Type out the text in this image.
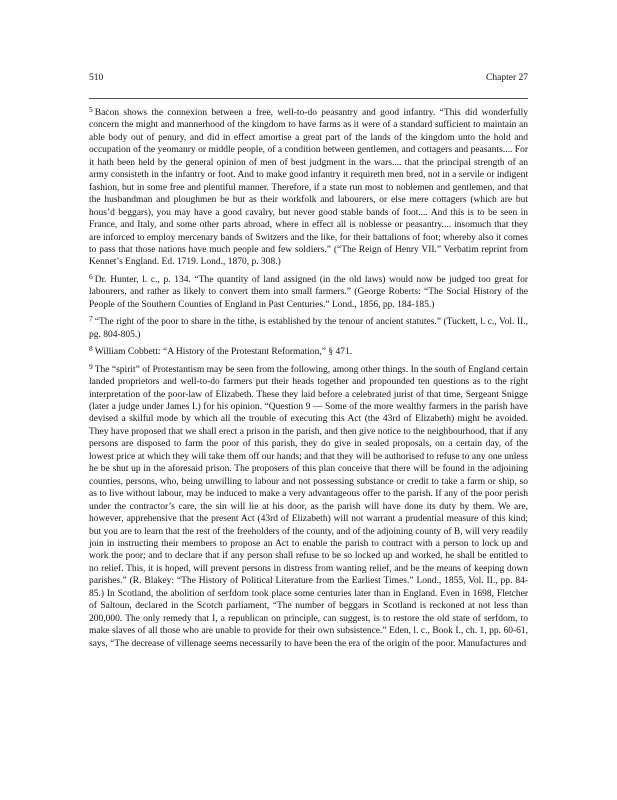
510	Chapter 27

$^5$ Bacon shows the connexion between a free, well-to-do peasantry and good infantry. “This did wonderfully concern the might and mannerhood of the kingdom to have farms as it were of a standard sufficient to maintain an able body out of penury, and did in effect amortise a great part of the lands of the kingdom unto the hold and occupation of the yeomanry or middle people, of a condition between gentlemen, and cottagers and peasants.... For it hath been held by the general opinion of men of best judgment in the wars.... that the principal strength of an army consisteth in the infantry or foot. And to make good infantry it requireth men bred, not in a servile or indigent fashion, but in some free and plentiful manner. Therefore, if a state run most to noblemen and gentlemen, and that the husbandman and ploughmen be but as their workfolk and labourers, or else mere cottagers (which are but hous’d beggars), you may have a good cavalry, but never good stable bands of foot.... And this is to be seen in France, and Italy, and some other parts abroad, where in effect all is noblesse or peasantry.... insomuch that they are inforced to employ mercenary bands of Switzers and the like, for their battalions of foot; whereby also it comes to pass that those nations have much people and few soldiers.” (“The Reign of Henry VII.” Verbatim reprint from Kennet’s England. Ed. 1719. Lond., 1870, p. 308.)

$^6$ Dr. Hunter, l. c., p. 134. “The quantity of land assigned (in the old laws) would now be judged too great for labourers, and rather as likely to convert them into small farmers.” (George Roberts: “The Social History of the People of the Southern Counties of England in Past Centuries.” Lond., 1856, pp. 184-185.)

$^7$ “The right of the poor to share in the tithe, is established by the tenour of ancient statutes.” (Tuckett, l. c., Vol. II., pg. 804-805.)

$^8$ William Cobbett: “A History of the Protestant Reformation,” § 471.

$^9$ The “spirit” of Protestantism may be seen from the following, among other things. In the south of England certain landed proprietors and well-to-do farmers put their heads together and propounded ten questions as to the right interpretation of the poor-law of Elizabeth. These they laid before a celebrated jurist of that time, Sergeant Snigge (later a judge under James I.) for his opinion. “Question 9 — Some of the more wealthy farmers in the parish have devised a skilful mode by which all the trouble of executing this Act (the 43rd of Elizabeth) might be avoided. They have proposed that we shall erect a prison in the parish, and then give notice to the neighbourhood, that if any persons are disposed to farm the poor of this parish, they do give in sealed proposals, on a certain day, of the lowest price at which they will take them off our hands; and that they will be authorised to refuse to any one unless he be shut up in the aforesaid prison. The proposers of this plan conceive that there will be found in the adjoining counties, persons, who, being unwilling to labour and not possessing substance or credit to take a farm or ship, so as to live without labour, may be induced to make a very advantageous offer to the parish. If any of the poor perish under the contractor’s care, the sin will lie at his door, as the parish will have done its duty by them. We are, however, apprehensive that the present Act (43rd of Elizabeth) will not warrant a prudential measure of this kind; but you are to learn that the rest of the freeholders of the county, and of the adjoining county of B, will very readily join in instructing their members to propose an Act to enable the parish to contract with a person to lock up and work the poor; and to declare that if any person shall refuse to be so locked up and worked, he shall be entitled to no relief. This, it is hoped, will prevent persons in distress from wanting relief, and be the means of keeping down parishes.” (R. Blakey: “The History of Political Literature from the Earliest Times.” Lond., 1855, Vol. II., pp. 84-85.) In Scotland, the abolition of serfdom took place some centuries later than in England. Even in 1698, Fletcher of Saltoun, declared in the Scotch parliament, “The number of beggars in Scotland is reckoned at not less than 200,000. The only remedy that I, a republican on principle, can suggest, is to restore the old state of serfdom, to make slaves of all those who are unable to provide for their own subsistence.” Eden, l. c., Book I., ch. 1, pp. 60-61, says, “The decrease of villenage seems necessarily to have been the era of the origin of the poor. Manufactures and
